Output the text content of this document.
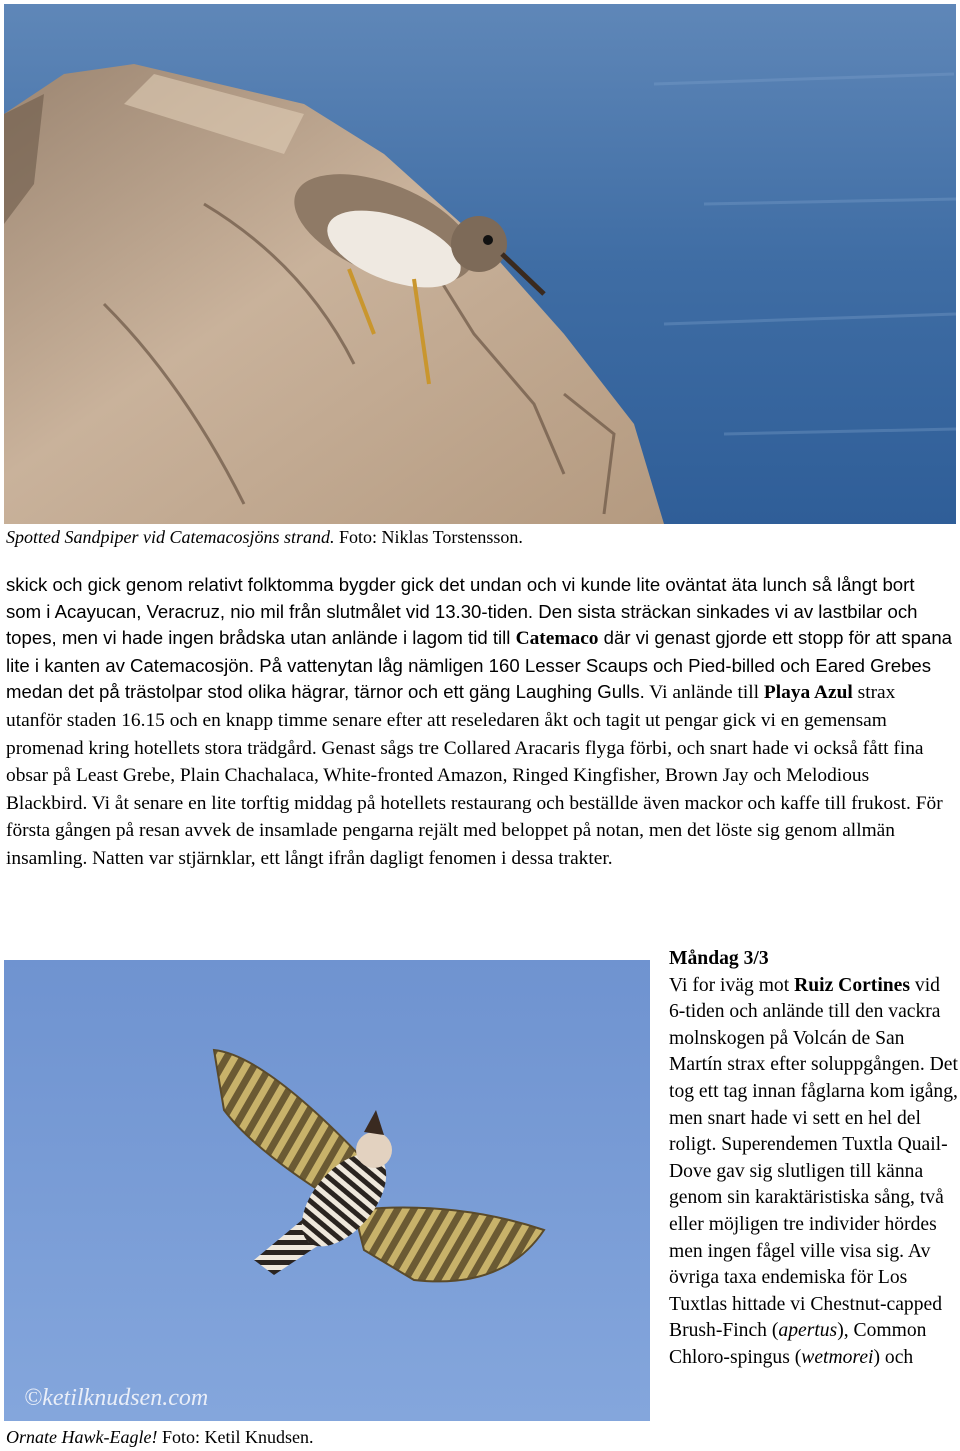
Spotted Sandpiper vid Catemacosjöns strand. Foto: Niklas Torstensson.

skick och gick genom relativt folktomma bygder gick det undan och vi kunde lite oväntat äta lunch så långt bort som i Acayucan, Veracruz, nio mil från slutmålet vid 13.30-tiden. Den sista sträckan sinkades vi av lastbilar och topes, men vi hade ingen brådska utan anlände i lagom tid till Catemaco där vi genast gjorde ett stopp för att spana lite i kanten av Catemacosjön. På vattenytan låg nämligen 160 Lesser Scaups och Pied-billed och Eared Grebes medan det på trästolpar stod olika hägrar, tärnor och ett gäng Laughing Gulls. Vi anlände till Playa Azul strax utanför staden 16.15 och en knapp timme senare efter att reseledaren åkt och tagit ut pengar gick vi en gemensam promenad kring hotellets stora trädgård. Genast sågs tre Collared Aracaris flyga förbi, och snart hade vi också fått fina obsar på Least Grebe, Plain Chachalaca, White-fronted Amazon, Ringed Kingfisher, Brown Jay och Melodious Blackbird. Vi åt senare en lite torftig middag på hotellets restaurang och beställde även mackor och kaffe till frukost. För första gången på resan avvek de insamlade pengarna rejält med beloppet på notan, men det löste sig genom allmän insamling. Natten var stjärnklar, ett långt ifrån dagligt fenomen i dessa trakter.

©ketilknudsen.com
Ornate Hawk-Eagle! Foto: Ketil Knudsen.

Måndag 3/3

Vi for iväg mot Ruiz Cortines vid 6-tiden och anlände till den vackra molnskogen på Volcán de San Martín strax efter soluppgången. Det tog ett tag innan fåglarna kom igång, men snart hade vi sett en hel del roligt. Superendemen Tuxtla Quail-Dove gav sig slutligen till känna genom sin karaktäristiska sång, två eller möjligen tre individer hördes men ingen fågel ville visa sig. Av övriga taxa endemiska för Los Tuxtlas hittade vi Chestnut-capped Brush-Finch (apertus), Common Chloro-spingus (wetmorei) och
